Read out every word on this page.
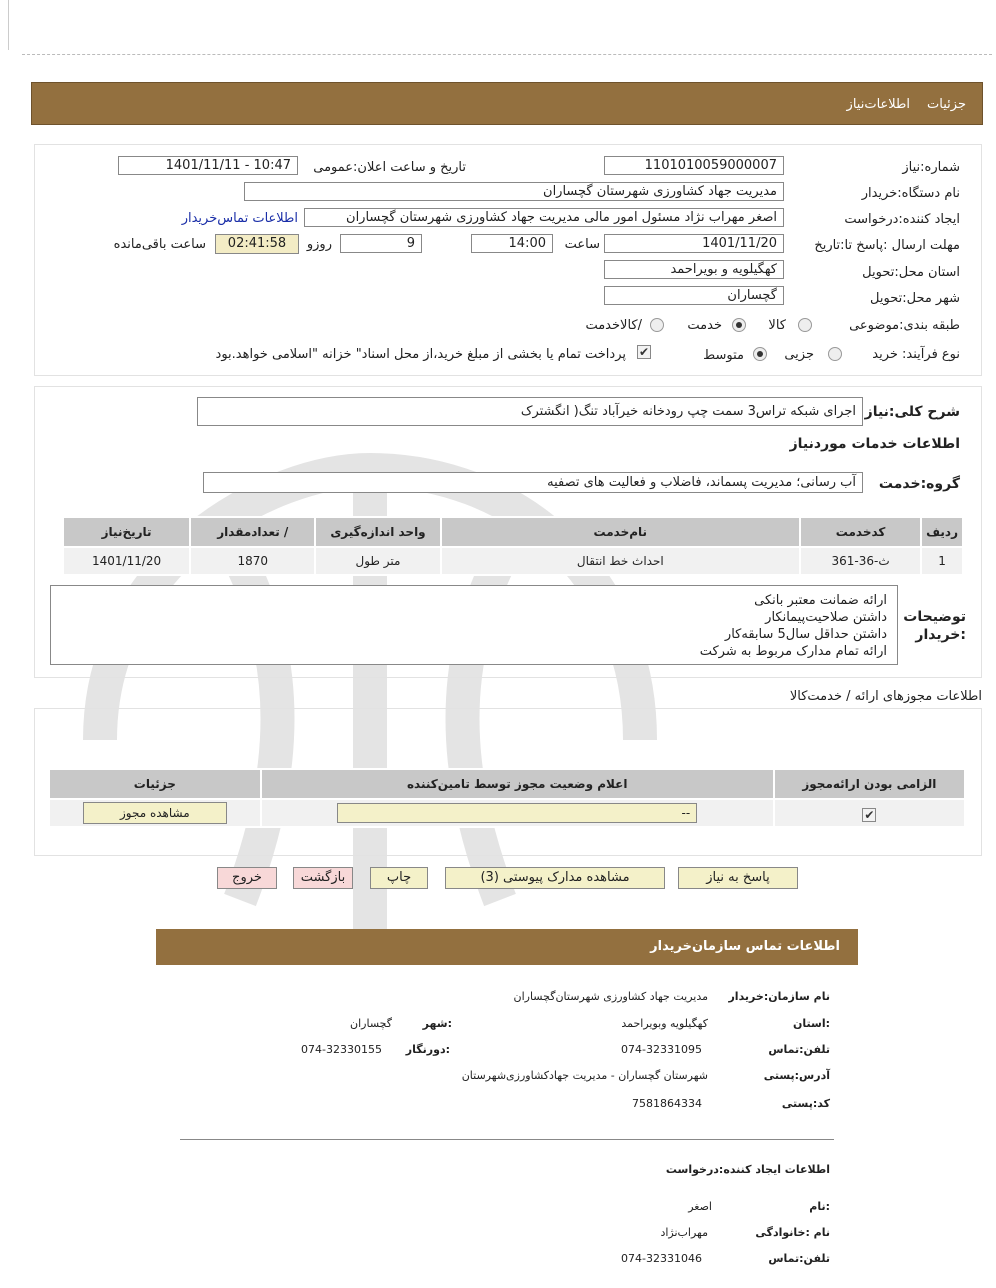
جزئیات
اطلاعات‌نیاز
شماره:نیاز
1101010059000007
تاریخ و ساعت اعلان:عمومی
1401/11/11 - 10:47
نام دستگاه:خریدار
مدیریت جهاد کشاورزی شهرستان گچساران
ایجاد کننده:درخواست
اصغر مهراب نژاد مسئول امور مالی مدیریت جهاد کشاورزی شهرستان گچساران
اطلاعات تماس‌خریدار
مهلت ارسال :پاسخ تا:تاریخ
1401/11/20
ساعت
14:00
9
روزو
02:41:58
ساعت باقی‌مانده
استان محل:تحویل
کهگیلویه و بویراحمد
شهر محل:تحویل
گچساران
طبقه بندی:موضوعی
کالا
خدمت
/کالاخدمت
نوع فرآیند: خرید
جزیی
متوسط
✔
پرداخت تمام یا بخشی از مبلغ خرید،از محل اسناد" خزانه "اسلامی خواهد.بود
شرح کلی:نیاز
اجرای شبکه تراس3 سمت چپ رودخانه خیرآباد تنگ( انگشترک
اطلاعات خدمات موردنیاز
گروه:خدمت
آب رسانی؛ مدیریت پسماند، فاضلاب و فعالیت های تصفیه
ردیف	کدخدمت	نام‌خدمت	واحد اندازه‌گیری	/ تعدادمقدار	تاریخ‌نیاز
1	ث-36-361	احداث خط انتقال	متر طول	1870	1401/11/20
توضیحات :خریدار
ارائه ضمانت معتبر بانکی
داشتن صلاحیت‌پیمانکار
داشتن حداقل سال5 سابقه‌کار
ارائه تمام مدارک مربوط به شرکت
اطلاعات مجوزهای ارائه / خدمت‌کالا
الزامی بودن ارائه‌مجوز	اعلام وضعیت مجوز توسط تامین‌کننده	جزئیات
✔	--	مشاهده مجوز
پاسخ به نیاز
مشاهده مدارک پیوستی (3)
چاپ
بازگشت
خروج
اطلاعات تماس سازمان‌خریدار
نام سازمان:خریدار
مدیریت جهاد کشاورزی شهرستان‌گچساران
:استان
کهگیلویه وبویراحمد
:شهر
گچساران
تلفن:تماس
074-32331095
:دورنگار
074-32330155
آدرس:پستی
شهرستان گچساران - مدیریت جهادکشاورزی‌شهرستان
کد:پستی
7581864334
اطلاعات ایجاد کننده:درخواست
:نام
اصغر
نام :خانوادگی
مهراب‌نژاد
تلفن:تماس
074-32331046
